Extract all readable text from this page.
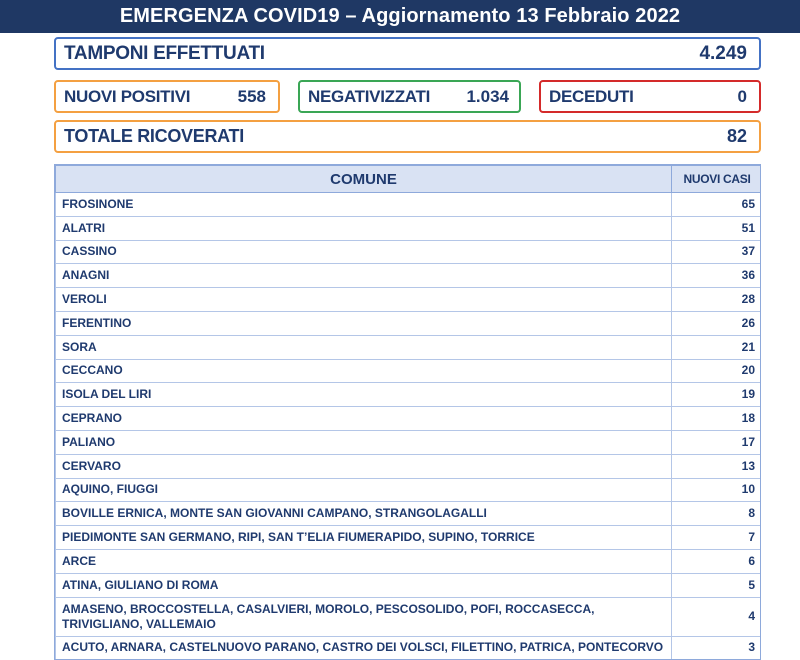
EMERGENZA COVID19 – Aggiornamento 13 Febbraio 2022
TAMPONI EFFETTUATI	4.249
NUOVI POSITIVI	558 NEGATIVIZZATI 1.034 DECEDUTI	0
TOTALE RICOVERATI	82
COMUNE	NUOVI CASI
FROSINONE	65
ALATRI	51
CASSINO	37
ANAGNI	36
VEROLI	28
FERENTINO	26
SORA	21
CECCANO	20
ISOLA DEL LIRI	19
CEPRANO	18
PALIANO	17
CERVARO	13
AQUINO, FIUGGI	10
BOVILLE ERNICA, MONTE SAN GIOVANNI CAMPANO, STRANGOLAGALLI	8
PIEDIMONTE SAN GERMANO, RIPI, SAN T’ELIA FIUMERAPIDO, SUPINO, TORRICE	7
ARCE	6
ATINA, GIULIANO DI ROMA	5
AMASENO, BROCCOSTELLA, CASALVIERI, MOROLO, PESCOSOLIDO, POFI, ROCCASECCA, TRIVIGLIANO, VALLEMAIO	4
ACUTO, ARNARA, CASTELNUOVO PARANO, CASTRO DEI VOLSCI, FILETTINO, PATRICA, PONTECORVO	3
